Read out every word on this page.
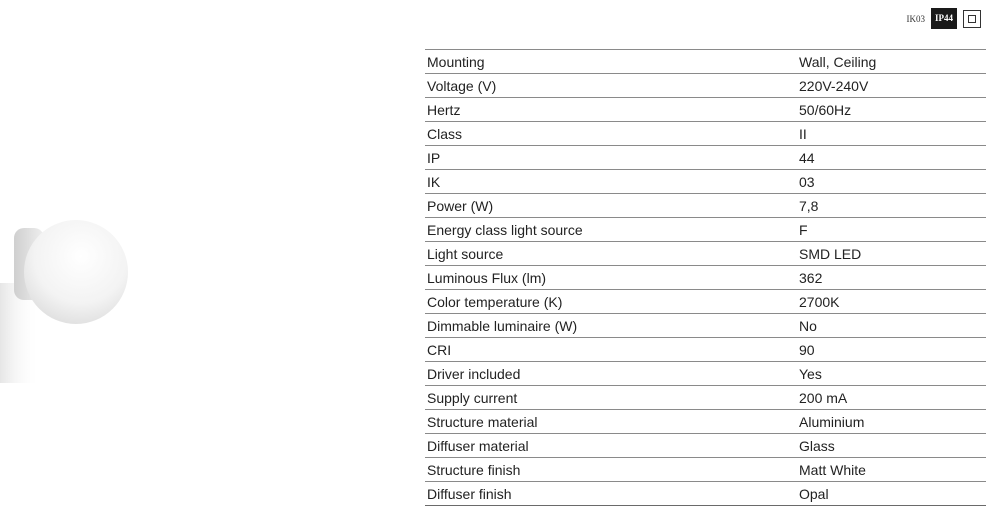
IK03	IP44
Mounting	Wall, Ceiling
Voltage (V)	220V-240V
Hertz	50/60Hz
Class	II
IP	44
IK	03
Power (W)	7,8
Energy class light source	F
Light source	SMD LED
Luminous Flux (lm)	362
Color temperature (K)	2700K
Dimmable luminaire (W)	No
CRI	90
Driver included	Yes
Supply current	200 mA
Structure material	Aluminium
Diffuser material	Glass
Structure finish	Matt White
Diffuser finish	Opal
